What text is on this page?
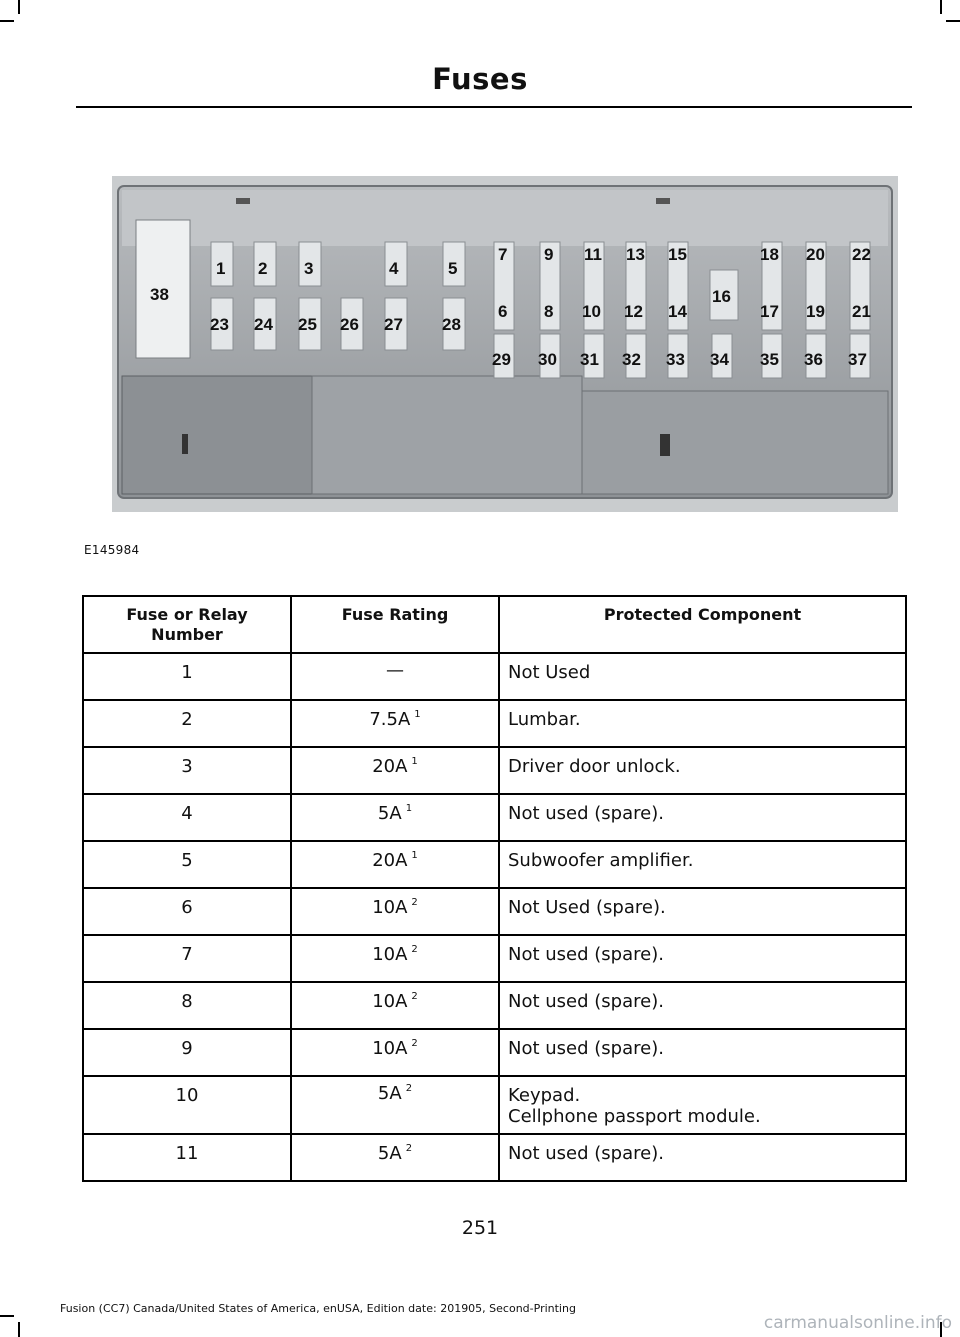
Fuses
38
1 2 3	4	5
23 24 25 26 27 28
7 9 11 13 15	18 20 22
6 8 10 12 14
16
17 19 21
29 30 31 32 33 34 35 36 37
E145984
Fuse or Relay Number	Fuse Rating	Protected Component
1	—	Not Used
2	7.5A $^1$	Lumbar.
3	20A $^1$	Driver door unlock.
4	5A $^1$	Not used (spare).
5	20A $^1$	Subwoofer amplifier.
6	10A $^2$	Not Used (spare).
7	10A $^2$	Not used (spare).
8	10A $^2$	Not used (spare).
9	10A $^2$	Not used (spare).
10	5A $^2$	Keypad.
Cellphone passport module.

11	5A $^2$	Not used (spare).
251
Fusion (CC7) Canada/United States of America, enUSA, Edition date: 201905, Second-Printing
carmanualsonline.info
